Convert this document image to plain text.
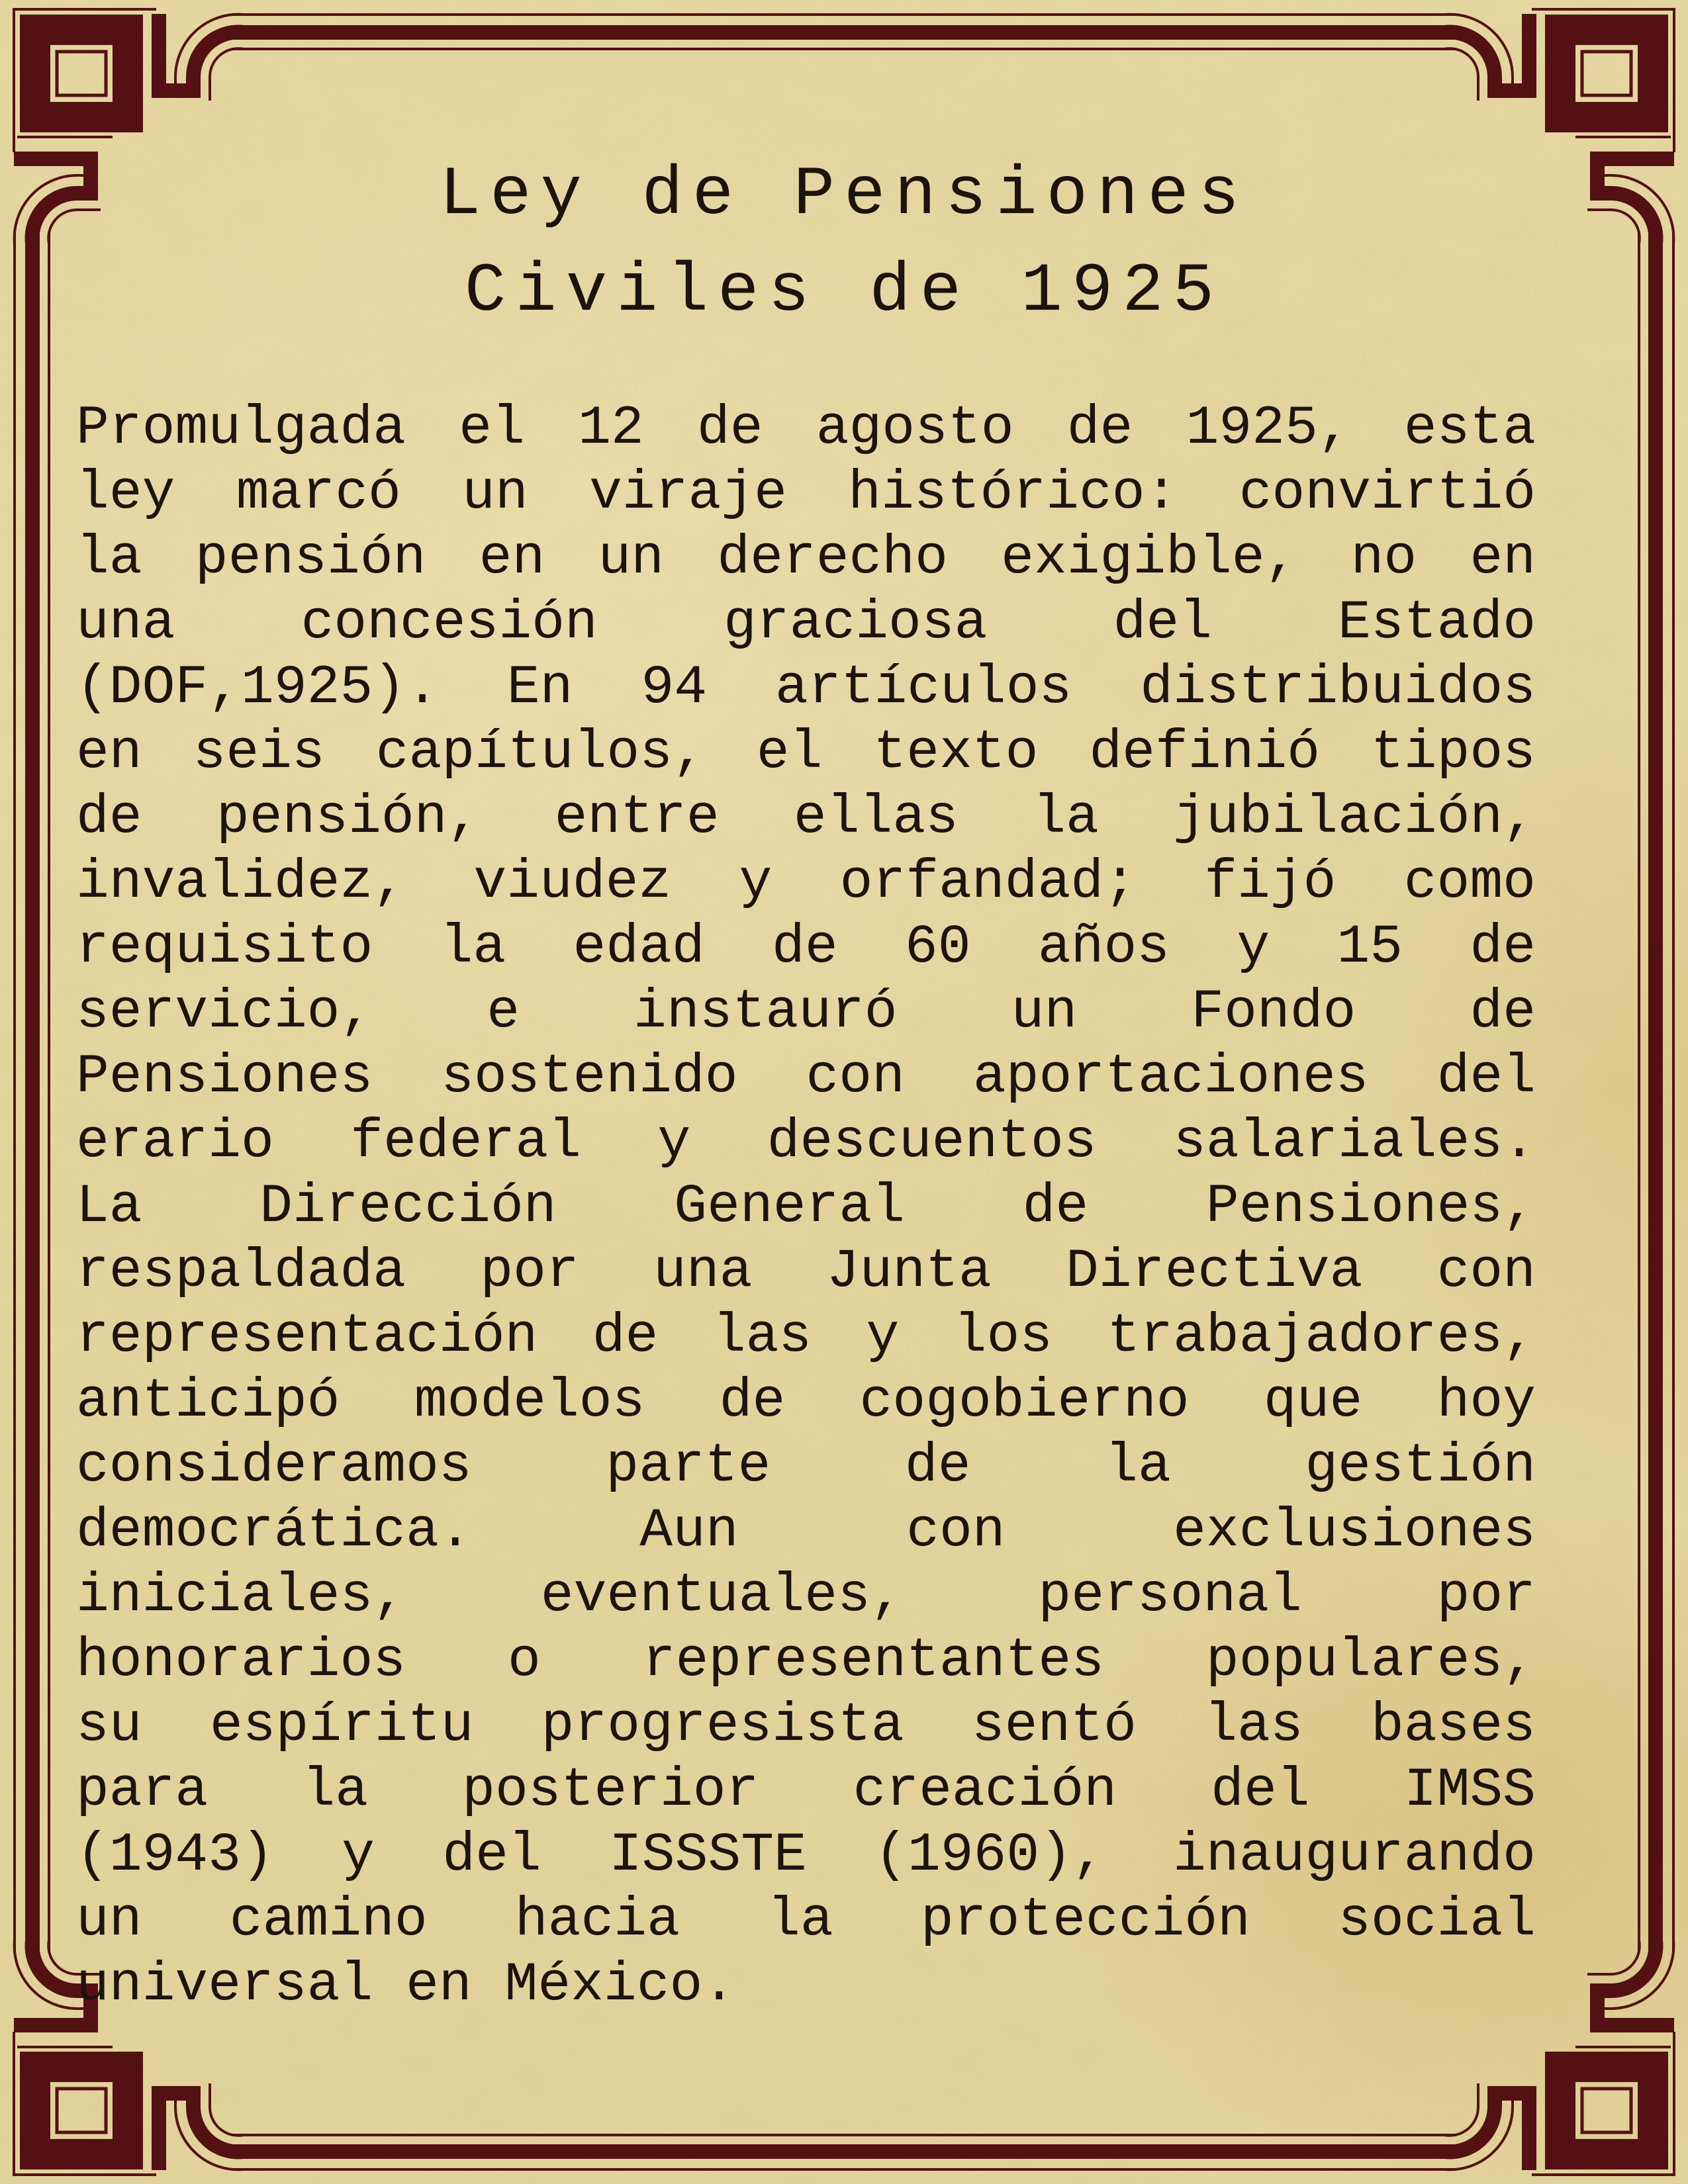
Ley de Pensiones
Civiles de 1925
Promulgada el 12 de agosto de 1925, esta
ley marcó un viraje histórico: convirtió
la pensión en un derecho exigible, no en
una concesión graciosa del Estado
(DOF,1925). En 94 artículos distribuidos
en seis capítulos, el texto definió tipos
de pensión, entre ellas la jubilación,
invalidez, viudez y orfandad; fijó como
requisito la edad de 60 años y 15 de
servicio, e instauró un Fondo de
Pensiones sostenido con aportaciones del
erario federal y descuentos salariales.
La Dirección General de Pensiones,
respaldada por una Junta Directiva con
representación de las y los trabajadores,
anticipó modelos de cogobierno que hoy
consideramos parte de la gestión
democrática. Aun con exclusiones
iniciales, eventuales, personal por
honorarios o representantes populares,
su espíritu progresista sentó las bases
para la posterior creación del IMSS
(1943) y del ISSSTE (1960), inaugurando
un camino hacia la protección social
universal en México.
